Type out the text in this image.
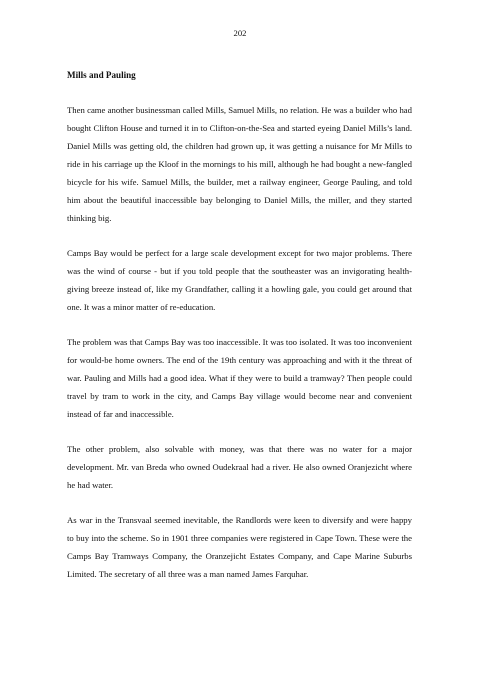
202
Mills and Pauling

Then came another businessman called Mills, Samuel Mills, no relation. He was a builder who had bought Clifton House and turned it in to Clifton-on-the-Sea and started eyeing Daniel Mills’s land. Daniel Mills was getting old, the children had grown up, it was getting a nuisance for Mr Mills to ride in his carriage up the Kloof in the mornings to his mill, although he had bought a new-fangled bicycle for his wife. Samuel Mills, the builder, met a railway engineer, George Pauling, and told him about the beautiful inaccessible bay belonging to Daniel Mills, the miller, and they started thinking big.

Camps Bay would be perfect for a large scale development except for two major problems. There was the wind of course - but if you told people that the southeaster was an invigorating health-giving breeze instead of, like my Grandfather, calling it a howling gale, you could get around that one. It was a minor matter of re-education.

The problem was that Camps Bay was too inaccessible. It was too isolated. It was too inconvenient for would-be home owners. The end of the 19th century was approaching and with it the threat of war. Pauling and Mills had a good idea. What if they were to build a tramway? Then people could travel by tram to work in the city, and Camps Bay village would become near and convenient instead of far and inaccessible.

The other problem, also solvable with money, was that there was no water for a major development. Mr. van Breda who owned Oudekraal had a river. He also owned Oranjezicht where he had water.

As war in the Transvaal seemed inevitable, the Randlords were keen to diversify and were happy to buy into the scheme. So in 1901 three companies were registered in Cape Town. These were the Camps Bay Tramways Company, the Oranzejicht Estates Company, and Cape Marine Suburbs Limited. The secretary of all three was a man named James Farquhar.
